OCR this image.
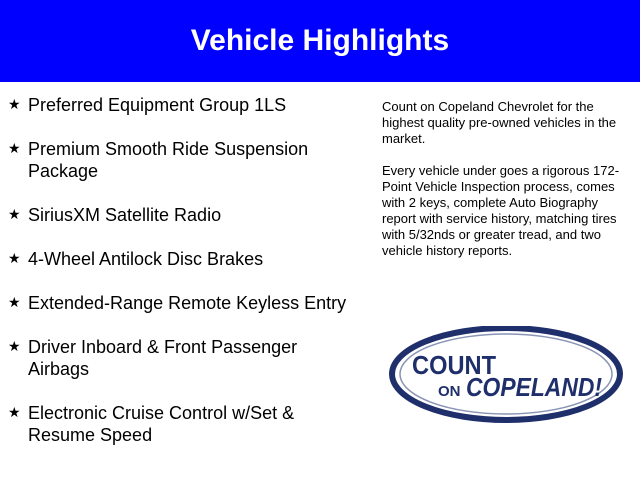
Vehicle Highlights
★ Preferred Equipment Group 1LS
★ Premium Smooth Ride Suspension Package
★ SiriusXM Satellite Radio
★ 4-Wheel Antilock Disc Brakes
★ Extended-Range Remote Keyless Entry
★ Driver Inboard & Front Passenger Airbags
★ Electronic Cruise Control w/Set & Resume Speed

Count on Copeland Chevrolet for the highest quality pre-owned vehicles in the market.

Every vehicle under goes a rigorous 172-Point Vehicle Inspection process, comes with 2 keys, complete Auto Biography report with service history, matching tires with 5/32nds or greater tread, and two vehicle history reports.

COUNT
ON COPELAND!
